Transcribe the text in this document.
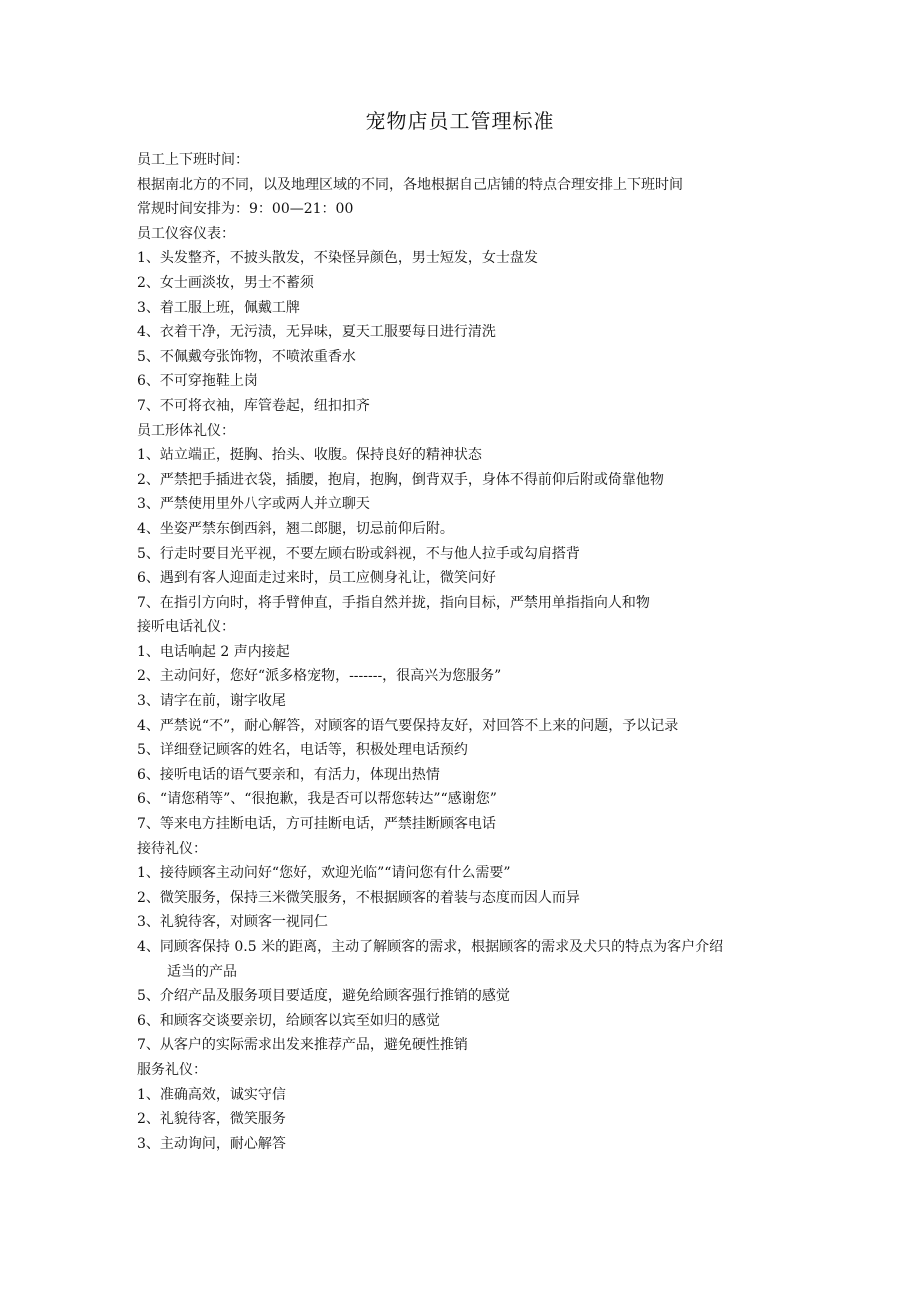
宠物店员工管理标准
员工上下班时间：
根据南北方的不同，以及地理区域的不同，各地根据自己店铺的特点合理安排上下班时间
常规时间安排为：9：00—21：00
员工仪容仪表：
1、头发整齐，不披头散发，不染怪异颜色，男士短发，女士盘发
2、女士画淡妆，男士不蓄须
3、着工服上班，佩戴工牌
4、衣着干净，无污渍，无异味，夏天工服要每日进行清洗
5、不佩戴夸张饰物，不喷浓重香水
6、不可穿拖鞋上岗
7、不可将衣袖，库管卷起，纽扣扣齐
员工形体礼仪：
1、站立端正，挺胸、抬头、收腹。保持良好的精神状态
2、严禁把手插进衣袋，插腰，抱肩，抱胸，倒背双手，身体不得前仰后附或倚靠他物
3、严禁使用里外八字或两人并立聊天
4、坐姿严禁东倒西斜，翘二郎腿，切忌前仰后附。
5、行走时要目光平视，不要左顾右盼或斜视，不与他人拉手或勾肩搭背
6、遇到有客人迎面走过来时，员工应侧身礼让，微笑问好
7、在指引方向时，将手臂伸直，手指自然并拢，指向目标，严禁用单指指向人和物
接听电话礼仪：
1、电话响起 2 声内接起
2、主动问好，您好“派多格宠物，-------，很高兴为您服务”
3、请字在前，谢字收尾
4、严禁说“不”，耐心解答，对顾客的语气要保持友好，对回答不上来的问题，予以记录
5、详细登记顾客的姓名，电话等，积极处理电话预约
6、接听电话的语气要亲和，有活力，体现出热情
6、“请您稍等”、“很抱歉，我是否可以帮您转达”“感谢您”
7、等来电方挂断电话，方可挂断电话，严禁挂断顾客电话
接待礼仪：
1、接待顾客主动问好“您好，欢迎光临”“请问您有什么需要”
2、微笑服务，保持三米微笑服务，不根据顾客的着装与态度而因人而异
3、礼貌待客，对顾客一视同仁
4、同顾客保持 0.5 米的距离，主动了解顾客的需求，根据顾客的需求及犬只的特点为客户介绍
适当的产品
5、介绍产品及服务项目要适度，避免给顾客强行推销的感觉
6、和顾客交谈要亲切，给顾客以宾至如归的感觉
7、从客户的实际需求出发来推荐产品，避免硬性推销
服务礼仪：
1、准确高效，诚实守信
2、礼貌待客，微笑服务
3、主动询问，耐心解答
